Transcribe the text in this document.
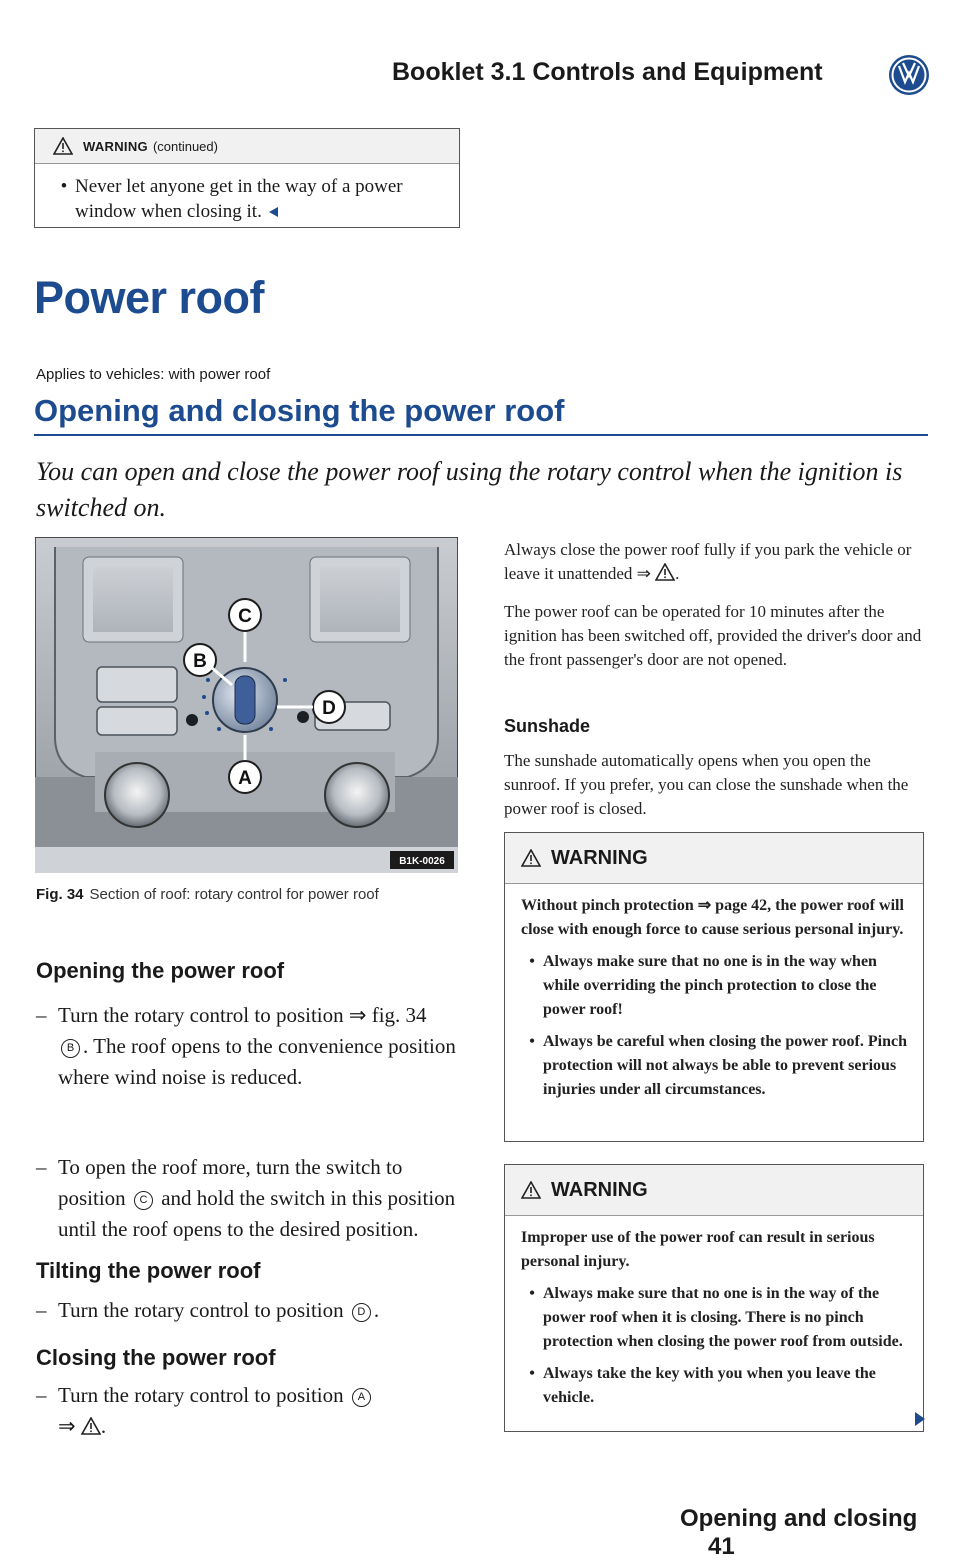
Booklet 3.1 Controls and Equipment
WARNING (continued)
• Never let anyone get in the way of a power window when closing it.
Power roof
Applies to vehicles: with power roof
Opening and closing the power roof
You can open and close the power roof using the rotary control when the ignition is switched on.
C
B
D
A
B1K-0026
Fig. 34 Section of roof: rotary control for power roof
Opening the power roof
– Turn the rotary control to position ⇒ fig. 34 B . The roof opens to the convenience position where wind noise is reduced.
– To open the roof more, turn the switch to position C and hold the switch in this position until the roof opens to the desired position.
Tilting the power roof
– Turn the rotary control to position D .
Closing the power roof
– Turn the rotary control to position A
⇒ .
Always close the power roof fully if you park the vehicle or leave it unattended ⇒ .
The power roof can be operated for 10 minutes after the ignition has been switched off, provided the driver's door and the front passenger's door are not opened.
Sunshade
The sunshade automatically opens when you open the sunroof. If you prefer, you can close the sunshade when the power roof is closed.
WARNING

Without pinch protection ⇒ page 42, the power roof will close with enough force to cause serious personal injury.

• Always make sure that no one is in the way when while overriding the pinch protection to close the power roof!

• Always be careful when closing the power roof. Pinch protection will not always be able to prevent serious injuries under all circumstances.

WARNING

Improper use of the power roof can result in serious personal injury.

• Always make sure that no one is in the way of the power roof when it is closing. There is no pinch protection when closing the power roof from outside.

• Always take the key with you when you leave the vehicle.

Opening and closing 41
